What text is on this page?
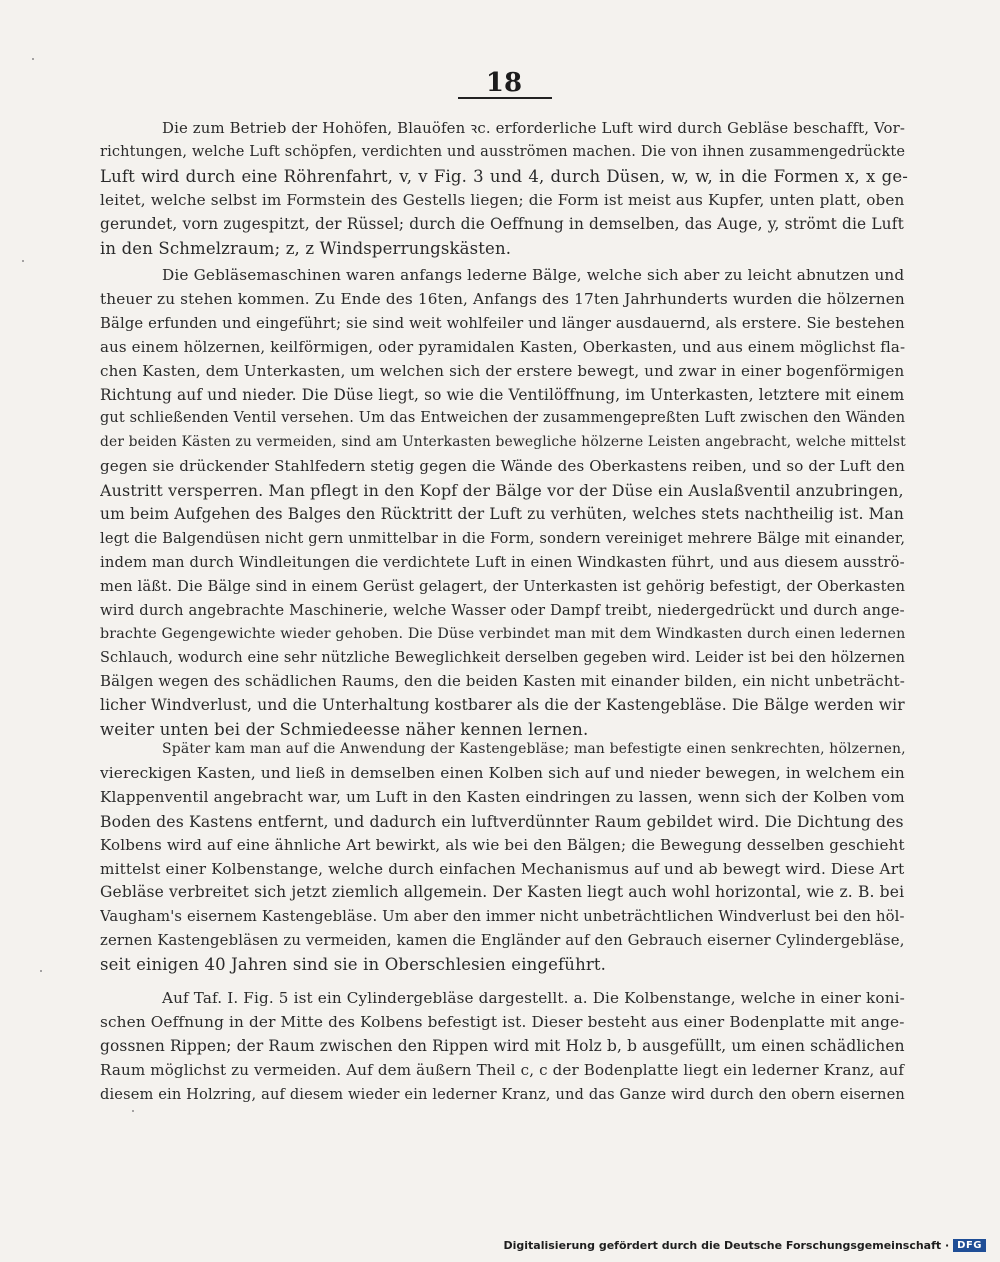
18
Die zum Betrieb der Hohöfen, Blauöfen ꝛc. erforderliche Luft wird durch Gebläse beschafft, Vor-
richtungen, welche Luft schöpfen, verdichten und ausströmen machen. Die von ihnen zusammengedrückte
Luft wird durch eine Röhrenfahrt, v, v Fig. 3 und 4, durch Düsen, w, w, in die Formen x, x ge-
leitet, welche selbst im Formstein des Gestells liegen; die Form ist meist aus Kupfer, unten platt, oben
gerundet, vorn zugespitzt, der Rüssel; durch die Oeffnung in demselben, das Auge, y, strömt die Luft
in den Schmelzraum; z, z Windsperrungskästen.
Die Gebläsemaschinen waren anfangs lederne Bälge, welche sich aber zu leicht abnutzen und
theuer zu stehen kommen. Zu Ende des 16ten, Anfangs des 17ten Jahrhunderts wurden die hölzernen
Bälge erfunden und eingeführt; sie sind weit wohlfeiler und länger ausdauernd, als erstere. Sie bestehen
aus einem hölzernen, keilförmigen, oder pyramidalen Kasten, Oberkasten, und aus einem möglichst fla-
chen Kasten, dem Unterkasten, um welchen sich der erstere bewegt, und zwar in einer bogenförmigen
Richtung auf und nieder. Die Düse liegt, so wie die Ventilöffnung, im Unterkasten, letztere mit einem
gut schließenden Ventil versehen. Um das Entweichen der zusammengepreßten Luft zwischen den Wänden
der beiden Kästen zu vermeiden, sind am Unterkasten bewegliche hölzerne Leisten angebracht, welche mittelst
gegen sie drückender Stahlfedern stetig gegen die Wände des Oberkastens reiben, und so der Luft den
Austritt versperren. Man pflegt in den Kopf der Bälge vor der Düse ein Auslaßventil anzubringen,
um beim Aufgehen des Balges den Rücktritt der Luft zu verhüten, welches stets nachtheilig ist. Man
legt die Balgendüsen nicht gern unmittelbar in die Form, sondern vereiniget mehrere Bälge mit einander,
indem man durch Windleitungen die verdichtete Luft in einen Windkasten führt, und aus diesem ausströ-
men läßt. Die Bälge sind in einem Gerüst gelagert, der Unterkasten ist gehörig befestigt, der Oberkasten
wird durch angebrachte Maschinerie, welche Wasser oder Dampf treibt, niedergedrückt und durch ange-
brachte Gegengewichte wieder gehoben. Die Düse verbindet man mit dem Windkasten durch einen ledernen
Schlauch, wodurch eine sehr nützliche Beweglichkeit derselben gegeben wird. Leider ist bei den hölzernen
Bälgen wegen des schädlichen Raums, den die beiden Kasten mit einander bilden, ein nicht unbeträcht-
licher Windverlust, und die Unterhaltung kostbarer als die der Kastengebläse. Die Bälge werden wir
weiter unten bei der Schmiedeesse näher kennen lernen.
Später kam man auf die Anwendung der Kastengebläse; man befestigte einen senkrechten, hölzernen,
viereckigen Kasten, und ließ in demselben einen Kolben sich auf und nieder bewegen, in welchem ein
Klappenventil angebracht war, um Luft in den Kasten eindringen zu lassen, wenn sich der Kolben vom
Boden des Kastens entfernt, und dadurch ein luftverdünnter Raum gebildet wird. Die Dichtung des
Kolbens wird auf eine ähnliche Art bewirkt, als wie bei den Bälgen; die Bewegung desselben geschieht
mittelst einer Kolbenstange, welche durch einfachen Mechanismus auf und ab bewegt wird. Diese Art
Gebläse verbreitet sich jetzt ziemlich allgemein. Der Kasten liegt auch wohl horizontal, wie z. B. bei
Vaugham's eisernem Kastengebläse. Um aber den immer nicht unbeträchtlichen Windverlust bei den höl-
zernen Kastengebläsen zu vermeiden, kamen die Engländer auf den Gebrauch eiserner Cylindergebläse,
seit einigen 40 Jahren sind sie in Oberschlesien eingeführt.
Auf Taf. I. Fig. 5 ist ein Cylindergebläse dargestellt. a. Die Kolbenstange, welche in einer koni-
schen Oeffnung in der Mitte des Kolbens befestigt ist. Dieser besteht aus einer Bodenplatte mit ange-
gossnen Rippen; der Raum zwischen den Rippen wird mit Holz b, b ausgefüllt, um einen schädlichen
Raum möglichst zu vermeiden. Auf dem äußern Theil c, c der Bodenplatte liegt ein lederner Kranz, auf
diesem ein Holzring, auf diesem wieder ein lederner Kranz, und das Ganze wird durch den obern eisernen
Digitalisierung gefördert durch die Deutsche Forschungsgemeinschaft · DFG
